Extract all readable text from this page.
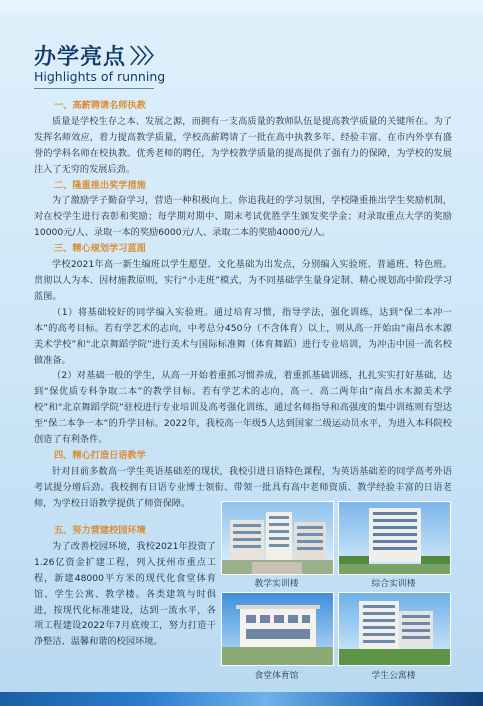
办学亮点 〉〉〉
Highlights of running
一、高薪聘请名师执教
质量是学校生存之本、发展之源，而拥有一支高质量的教师队伍是提高教学质量的关键所在。为了发挥名师效应，着力提高教学质量，学校高薪聘请了一批在高中执教多年、经验丰富、在市内外享有盛誉的学科名师在校执教。优秀老师的聘任，为学校教学质量的提高提供了强有力的保障，为学校的发展注入了无穷的发展后劲。
二、隆重推出奖学措施
为了激励学子勤奋学习，营造一种积极向上、你追我赶的学习氛围，学校隆重推出学生奖励机制，对在校学生进行表彰和奖励；每学期对期中、期末考试优胜学生颁发奖学金；对录取重点大学的奖励10000元/人、录取一本的奖励6000元/人、录取二本的奖励4000元/人。
三、精心规划学习蓝图
学校2021年高一新生编班以学生愿望、文化基础为出发点，分别编入实验班、普通班、特色班。贯彻以人为本、因材施教原则，实行“小走班”模式，为不同基础学生量身定制、精心规划高中阶段学习蓝图。
（1）将基础较好的同学编入实验班。通过培育习惯，指导学法，强化训练，达到“保二本冲一本”的高考目标。若有学艺术的志向，中考总分450分（不含体育）以上，则从高一开始由“南昌水木源美术学校”和“北京舞蹈学院”进行美术与国际标准舞（体育舞蹈）进行专业培训，为冲击中国一流名校做准备。
（2）对基础一般的学生，从高一开始着重抓习惯养成，着重抓基础训练，扎扎实实打好基础，达到“保优质专科争取二本”的教学目标。若有学艺术的志向，高一、高二两年由“南昌水木源美术学校”和“北京舞蹈学院”驻校进行专业培训及高考强化训练，通过名师指导和高强度的集中训练则有望达至“保二本争一本”的升学目标。2022年，我校高一年级5人达到国家二级运动员水平，为进入本科院校创造了有利条件。
四、精心打造日语教学
针对目前多数高一学生英语基础差的现状，我校引进日语特色课程，为英语基础差的同学高考外语考试提分增后劲。我校拥有日语专业博士领衔、带领一批具有高中老师资质、教学经验丰富的日语老师，为学校日语教学提供了师资保障。
五、努力营建校园环境
为了改善校园环境，我校2021年投资了1.26亿资金扩建工程，列入抚州市重点工程，新建48000平方米的现代化食堂体育馆、学生公寓、教学楼。各类建筑与时俱进，按现代化标准建设，达到一流水平，各项工程建设2022年7月底竣工，努力打造干净整洁、温馨和谐的校园环境。
教学实训楼	综合实训楼
食堂体育馆	学生公寓楼
